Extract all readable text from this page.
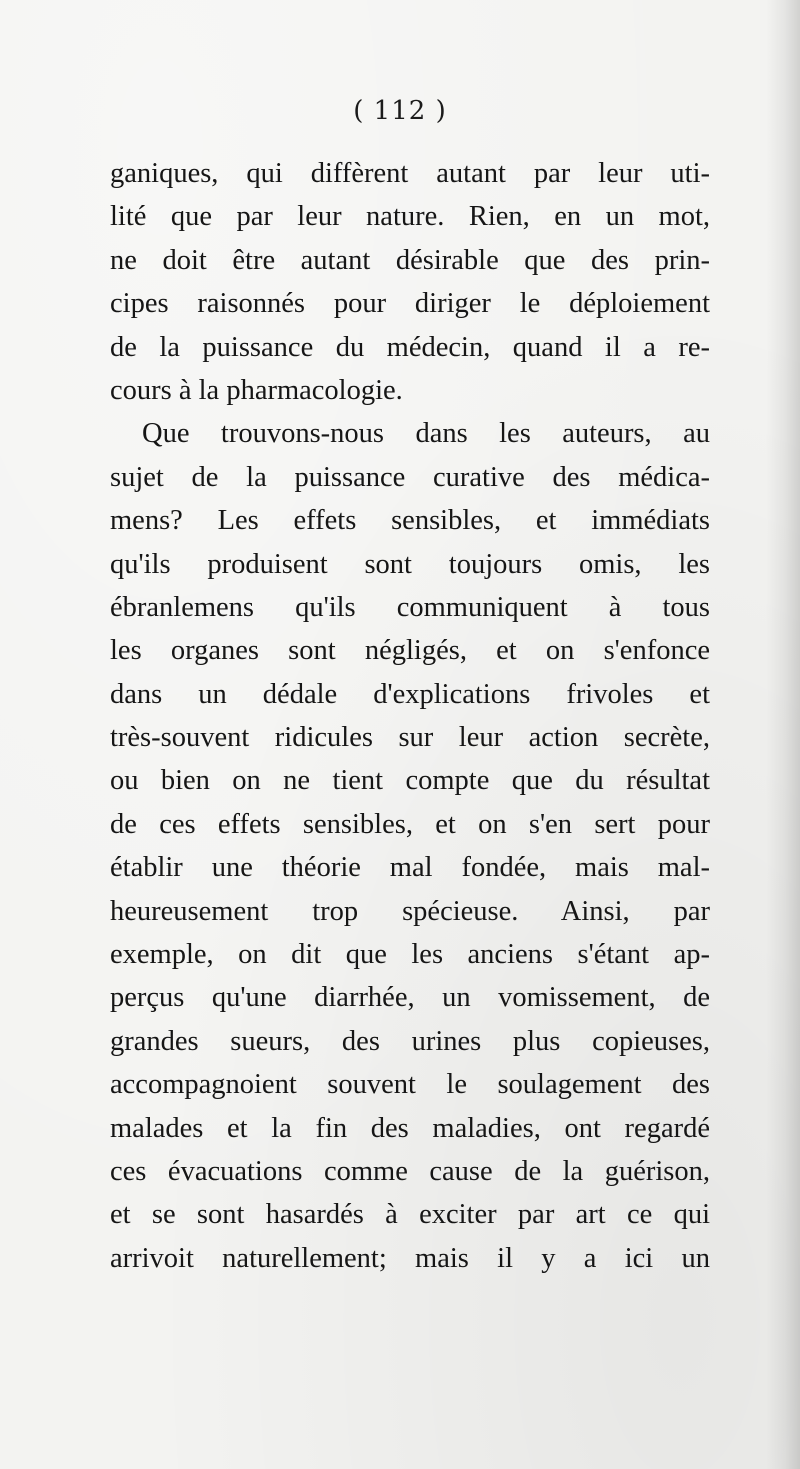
( 112 )
ganiques, qui diffèrent autant par leur uti-
lité que par leur nature. Rien, en un mot,
ne doit être autant désirable que des prin-
cipes raisonnés pour diriger le déploiement
de la puissance du médecin, quand il a re-
cours à la pharmacologie.
Que trouvons-nous dans les auteurs, au
sujet de la puissance curative des médica-
mens? Les effets sensibles, et immédiats
qu'ils produisent sont toujours omis, les
ébranlemens qu'ils communiquent à tous
les organes sont négligés, et on s'enfonce
dans un dédale d'explications frivoles et
très-souvent ridicules sur leur action secrète,
ou bien on ne tient compte que du résultat
de ces effets sensibles, et on s'en sert pour
établir une théorie mal fondée, mais mal-
heureusement trop spécieuse. Ainsi, par
exemple, on dit que les anciens s'étant ap-
perçus qu'une diarrhée, un vomissement, de
grandes sueurs, des urines plus copieuses,
accompagnoient souvent le soulagement des
malades et la fin des maladies, ont regardé
ces évacuations comme cause de la guérison,
et se sont hasardés à exciter par art ce qui
arrivoit naturellement; mais il y a ici un
